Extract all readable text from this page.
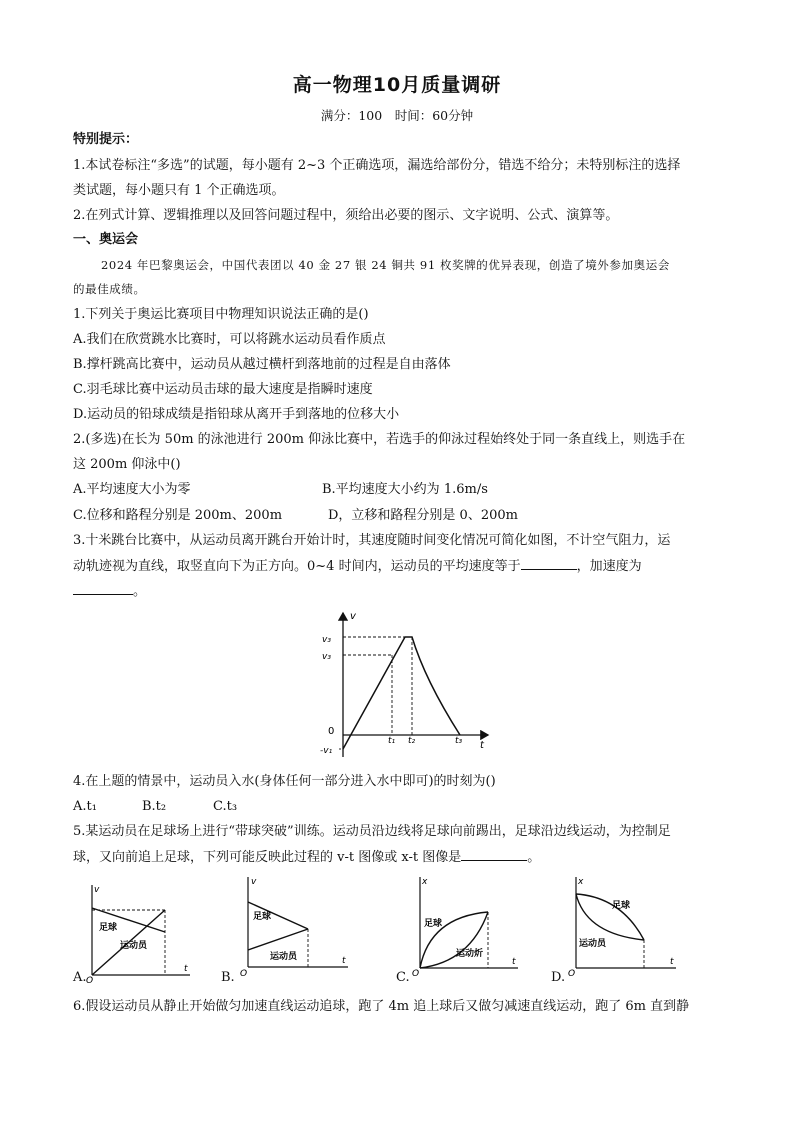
高一物理10月质量调研
满分：100　时间：60分钟
特别提示：
1.本试卷标注“多选”的试题，每小题有 2~3 个正确选项，漏选给部份分，错选不给分；未特别标注的选择
类试题，每小题只有 1 个正确选项。
2.在列式计算、逻辑推理以及回答问题过程中，须给出必要的图示、文字说明、公式、演算等。
一、奥运会
2024 年巴黎奥运会，中国代表团以 40 金 27 银 24 铜共 91 枚奖牌的优异表现，创造了境外参加奥运会
的最佳成绩。
1.下列关于奥运比赛项目中物理知识说法正确的是()
A.我们在欣赏跳水比赛时，可以将跳水运动员看作质点
B.撑杆跳高比赛中，运动员从越过横杆到落地前的过程是自由落体
C.羽毛球比赛中运动员击球的最大速度是指瞬时速度
D.运动员的铅球成绩是指铅球从离开手到落地的位移大小
2.(多选)在长为 50m 的泳池进行 200m 仰泳比赛中，若选手的仰泳过程始终处于同一条直线上，则选手在
这 200m 仰泳中()
A.平均速度大小为零	B.平均速度大小约为 1.6m/s
C.位移和路程分别是 200m、200m	D，立移和路程分别是 0、200m
3.十米跳台比赛中，从运动员离开跳台开始计时，其速度随时间变化情况可简化如图，不计空气阻力，运
动轨迹视为直线，取竖直向下为正方向。0~4 时间内，运动员的平均速度等于	，加速度为
。
v
t
0
v₃
v₃
-v₁
t₁ t₂	t₃
4.在上题的情景中，运动员入水(身体任何一部分进入水中即可)的时刻为()
A.t₁	B.t₂	C.t₃
5.某运动员在足球场上进行“带球突破”训练。运动员沿边线将足球向前踢出，足球沿边线运动，为控制足
球，又向前追上足球，下列可能反映此过程的 v-t 图像或 x-t 图像是	。
A.
v
t
O
足球
运动员
B.
v
t
O
足球
运动员
C.
x
t
O
足球
运动炘
D.
x
t
O
足球
运动员
6.假设运动员从静止开始做匀加速直线运动追球，跑了 4m 追上球后又做匀减速直线运动，跑了 6m 直到静
